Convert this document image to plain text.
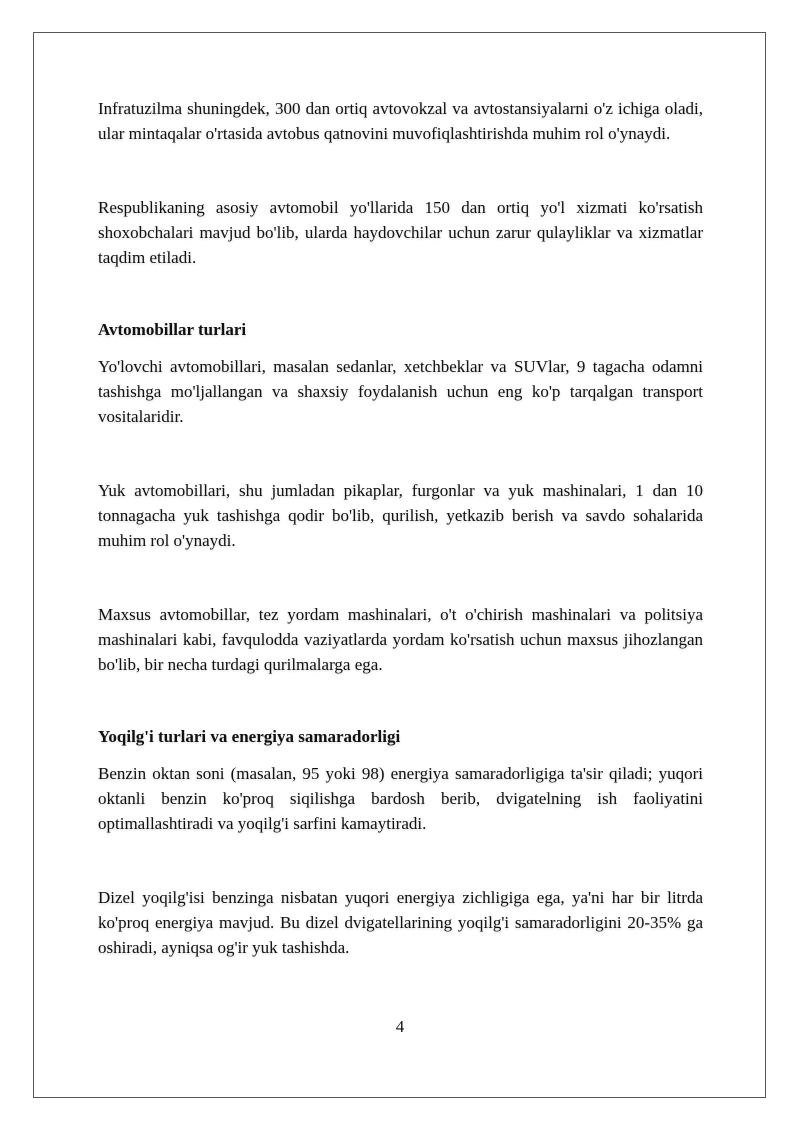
Infratuzilma shuningdek, 300 dan ortiq avtovokzal va avtostansiyalarni o'z ichiga oladi, ular mintaqalar o'rtasida avtobus qatnovini muvofiqlashtirishda muhim rol o'ynaydi.

Respublikaning asosiy avtomobil yo'llarida 150 dan ortiq yo'l xizmati ko'rsatish shoxobchalari mavjud bo'lib, ularda haydovchilar uchun zarur qulayliklar va xizmatlar taqdim etiladi.

Avtomobillar turlari

Yo'lovchi avtomobillari, masalan sedanlar, xetchbeklar va SUVlar, 9 tagacha odamni tashishga mo'ljallangan va shaxsiy foydalanish uchun eng ko'p tarqalgan transport vositalaridir.

Yuk avtomobillari, shu jumladan pikaplar, furgonlar va yuk mashinalari, 1 dan 10 tonnagacha yuk tashishga qodir bo'lib, qurilish, yetkazib berish va savdo sohalarida muhim rol o'ynaydi.

Maxsus avtomobillar, tez yordam mashinalari, o't o'chirish mashinalari va politsiya mashinalari kabi, favqulodda vaziyatlarda yordam ko'rsatish uchun maxsus jihozlangan bo'lib, bir necha turdagi qurilmalarga ega.

Yoqilg'i turlari va energiya samaradorligi

Benzin oktan soni (masalan, 95 yoki 98) energiya samaradorligiga ta'sir qiladi; yuqori oktanli benzin ko'proq siqilishga bardosh berib, dvigatelning ish faoliyatini optimallashtiradi va yoqilg'i sarfini kamaytiradi.

Dizel yoqilg'isi benzinga nisbatan yuqori energiya zichligiga ega, ya'ni har bir litrda ko'proq energiya mavjud. Bu dizel dvigatellarining yoqilg'i samaradorligini 20-35% ga oshiradi, ayniqsa og'ir yuk tashishda.

4
